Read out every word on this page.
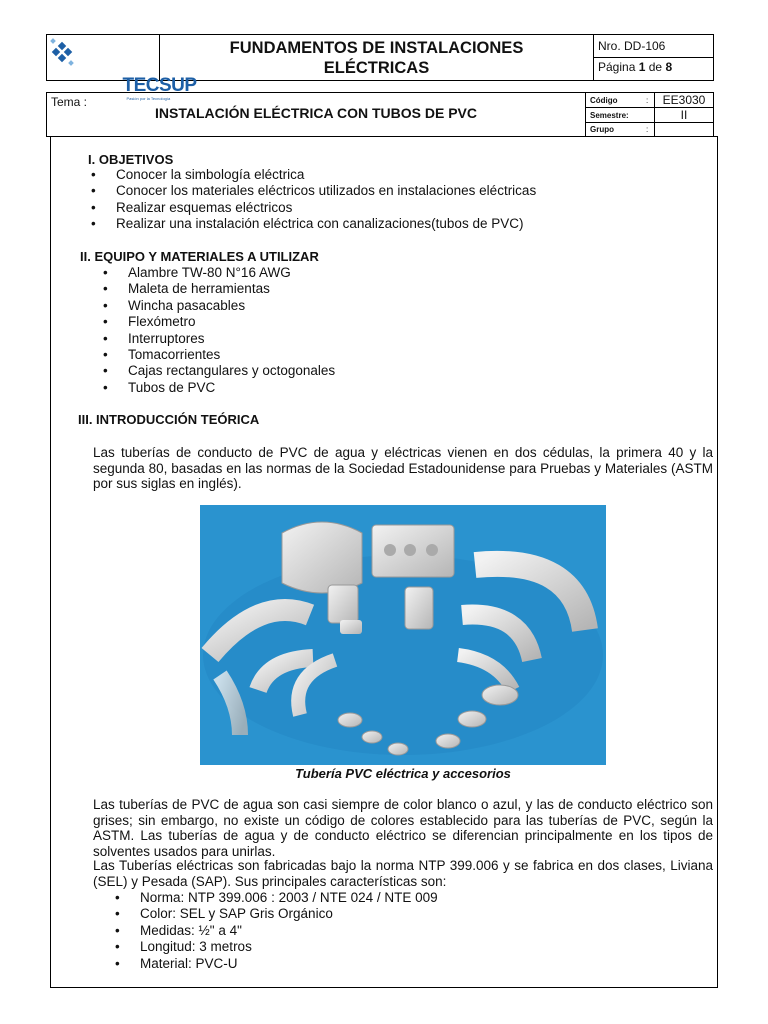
TECSUP
Pasión por la Tecnología

FUNDAMENTOS DE INSTALACIONES
ELÉCTRICAS

Nro. DD-106
Página 1 de 8
Tema :
INSTALACIÓN ELÉCTRICA CON TUBOS DE PVC	Código	:	EE3030
	Semestre:		II
	Grupo	:	
I. OBJETIVOS
• Conocer la simbología eléctrica
• Conocer los materiales eléctricos utilizados en instalaciones eléctricas
• Realizar esquemas eléctricos
• Realizar una instalación eléctrica con canalizaciones(tubos de PVC)
II. EQUIPO Y MATERIALES A UTILIZAR
• Alambre TW-80 N°16 AWG
• Maleta de herramientas
• Wincha pasacables
• Flexómetro
• Interruptores
• Tomacorrientes
• Cajas rectangulares y octogonales
• Tubos de PVC
III. INTRODUCCIÓN TEÓRICA
Las tuberías de conducto de PVC de agua y eléctricas vienen en dos cédulas, la primera 40 y la segunda 80, basadas en las normas de la Sociedad Estadounidense para Pruebas y Materiales (ASTM por sus siglas en inglés).
Tubería PVC eléctrica y accesorios
Las tuberías de PVC de agua son casi siempre de color blanco o azul, y las de conducto eléctrico son grises; sin embargo, no existe un código de colores establecido para las tuberías de PVC, según la ASTM. Las tuberías de agua y de conducto eléctrico se diferencian principalmente en los tipos de solventes usados para unirlas.
Las Tuberías eléctricas son fabricadas bajo la norma NTP 399.006 y se fabrica en dos clases, Liviana (SEL) y Pesada (SAP). Sus principales características son:
• Norma: NTP 399.006 : 2003 / NTE 024 / NTE 009
• Color: SEL y SAP Gris Orgánico
• Medidas: ½" a 4"
• Longitud: 3 metros
• Material: PVC-U
